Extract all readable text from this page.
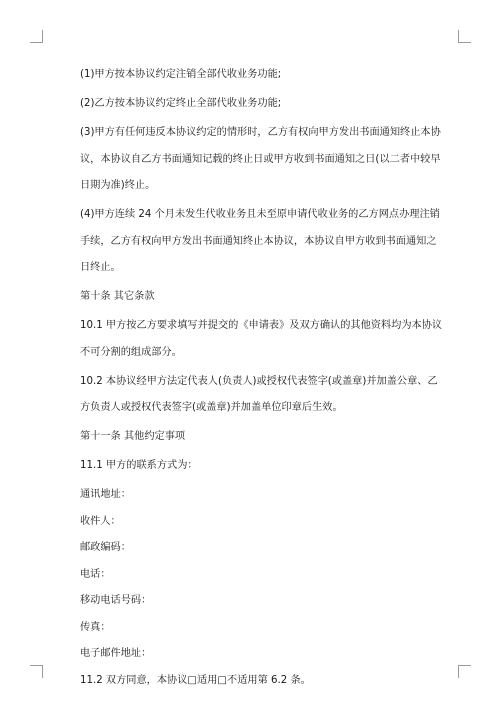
(1)甲方按本协议约定注销全部代收业务功能;

(2)乙方按本协议约定终止全部代收业务功能;

(3)甲方有任何违反本协议约定的情形时，乙方有权向甲方发出书面通知终止本协议，本协议自乙方书面通知记载的终止日或甲方收到书面通知之日(以二者中较早日期为准)终止。

(4)甲方连续 24 个月未发生代收业务且未至原申请代收业务的乙方网点办理注销手续，乙方有权向甲方发出书面通知终止本协议，本协议自甲方收到书面通知之日终止。

第十条 其它条款

10.1 甲方按乙方要求填写并提交的《申请表》及双方确认的其他资料均为本协议不可分割的组成部分。

10.2 本协议经甲方法定代表人(负责人)或授权代表签字(或盖章)并加盖公章、乙方负责人或授权代表签字(或盖章)并加盖单位印章后生效。

第十一条 其他约定事项

11.1 甲方的联系方式为：

通讯地址：

收件人：

邮政编码：

电话：

移动电话号码：

传真：

电子邮件地址：

11.2 双方同意，本协议□适用□不适用第 6.2 条。
